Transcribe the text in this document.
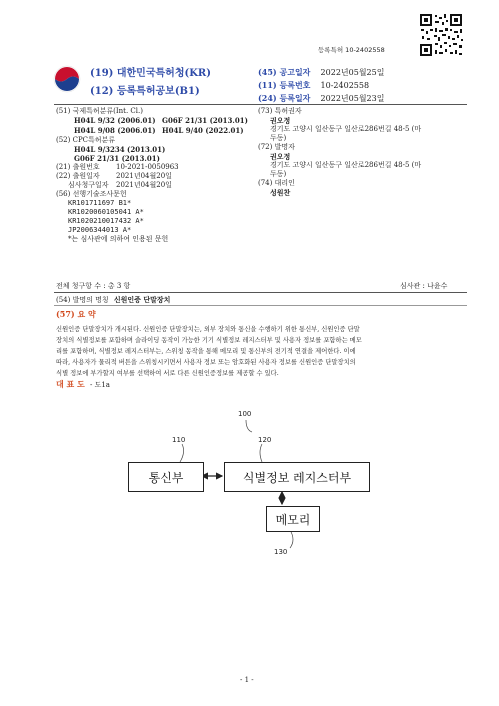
등록특허 10-2402558
(19) 대한민국특허청(KR)
(12) 등록특허공보(B1)
(45) 공고일자 2022년05월25일
(11) 등록번호 10-2402558
(24) 등록일자 2022년05월23일
(51) 국제특허분류(Int. Cl.)
H04L 9/32 (2006.01) G06F 21/31 (2013.01)
H04L 9/08 (2006.01) H04L 9/40 (2022.01)
(52) CPC특허분류
H04L 9/3234 (2013.01)
G06F 21/31 (2013.01)
(21) 출원번호 10-2021-0050963
(22) 출원일자 2021년04월20일
심사청구일자 2021년04월20일
(56) 선행기술조사문헌
KR101711697 B1*
KR1020060105041 A*
KR1020210017432 A*
JP2006344013 A*
*는 심사관에 의하여 인용된 문헌
(73) 특허권자
권오정
경기도 고양시 일산동구 일산로286번길 48-5 (마
두동)
(72) 발명자
권오정
경기도 고양시 일산동구 일산로286번길 48-5 (마
두동)
(74) 대리인
성원찬
전체 청구항 수 : 총 3 항	심사관 : 나윤수
(54) 발명의 명칭 신원인증 단말장치
(57) 요 약
신원인증 단말장치가 개시된다. 신원인증 단말장치는, 외부 장치와 통신을 수행하기 위한 통신부, 신원인증 단말
장치의 식별정보를 포함하며 슬라이딩 동작이 가능한 기기 식별정보 레지스터부 및 사용자 정보를 포함하는 메모
리를 포함하며, 식별정보 레지스터부는, 스위칭 동작을 통해 메모리 및 통신부의 전기적 연결을 제어한다. 이에
따라, 사용자가 물리적 버튼을 스위칭시키면서 사용자 정보 또는 암호화된 사용자 정보를 신원인증 단말장치의
식별 정보에 부가할지 여부를 선택하여 서로 다른 신원인증정보를 제공할 수 있다.
대 표 도 - 도1a
100
110	120
130
통신부	식별정보 레지스터부
메모리
- 1 -
